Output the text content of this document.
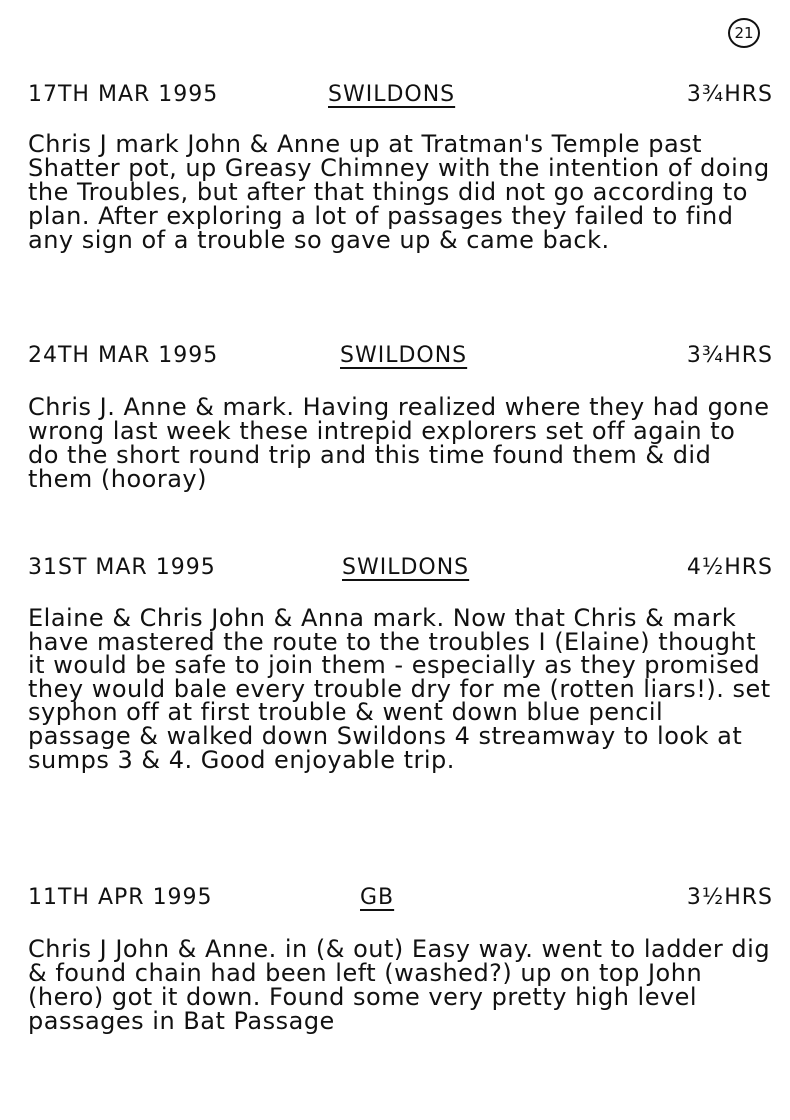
21
17TH MAR 1995	SWILDONS	3¾HRS
Chris J mark John & Anne up at Tratman's Temple past Shatter pot, up Greasy Chimney with the intention of doing the Troubles, but after that things did not go according to plan. After exploring a lot of passages they failed to find any sign of a trouble so gave up & came back.
24TH MAR 1995	SWILDONS	3¾HRS
Chris J. Anne & mark. Having realized where they had gone wrong last week these intrepid explorers set off again to do the short round trip and this time found them & did them (hooray)
31ST MAR 1995	SWILDONS	4½HRS
Elaine & Chris John & Anna mark. Now that Chris & mark have mastered the route to the troubles I (Elaine) thought it would be safe to join them - especially as they promised they would bale every trouble dry for me (rotten liars!). set syphon off at first trouble & went down blue pencil passage & walked down Swildons 4 streamway to look at sumps 3 & 4. Good enjoyable trip.
11TH APR 1995	GB	3½HRS
Chris J John & Anne. in (& out) Easy way. went to ladder dig & found chain had been left (washed?) up on top John (hero) got it down. Found some very pretty high level passages in Bat Passage
